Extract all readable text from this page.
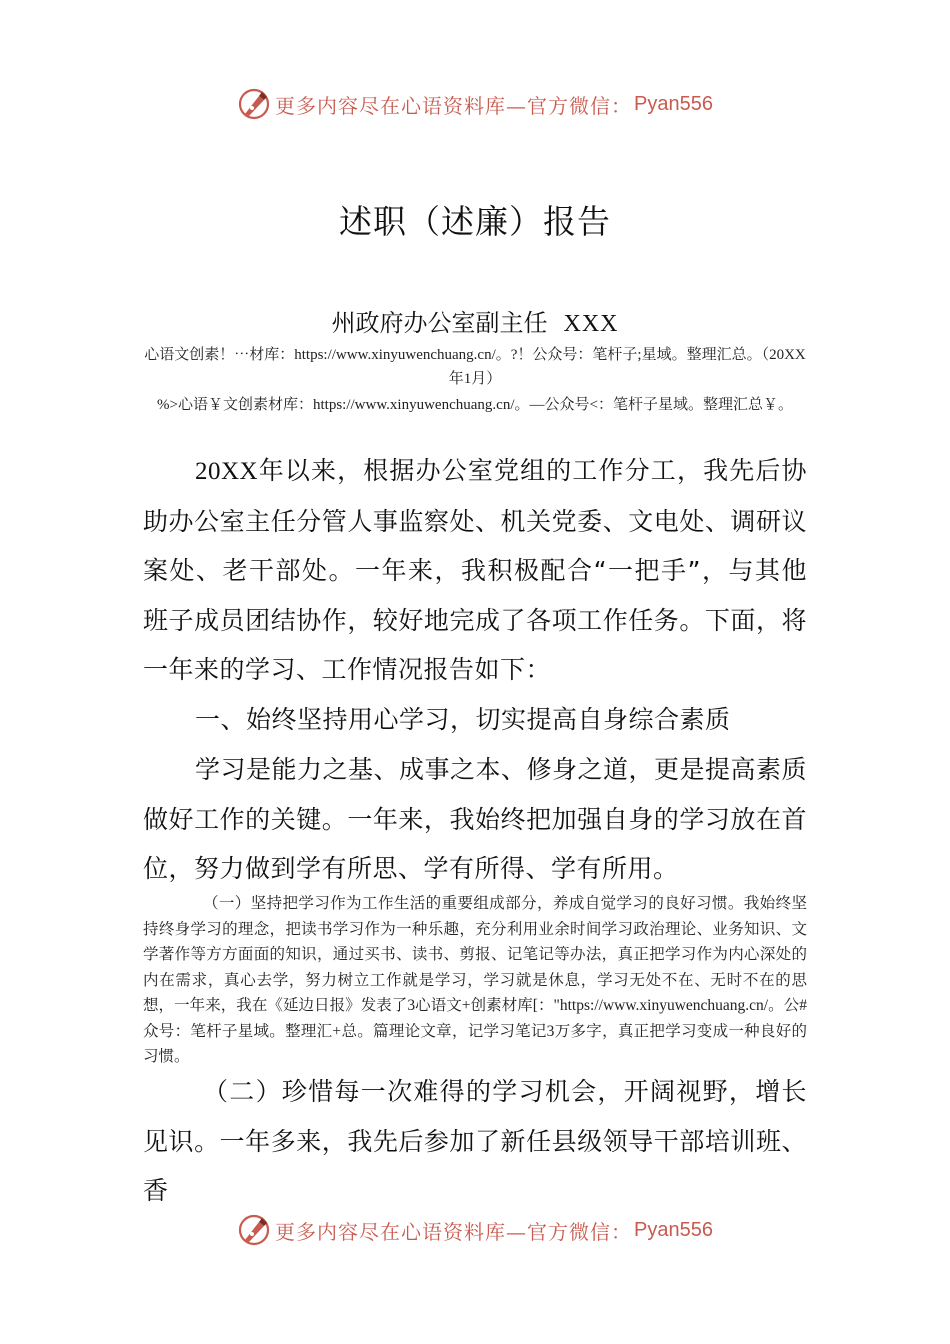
更多内容尽在心语资料库—官方微信： Pyan556
述职（述廉）报告
州政府办公室副主任 XXX
心语文创素！⋯材库：https://www.xinyuwenchuang.cn/。?！公众号：笔杆子;星域。整理汇总。（20XX年1月）
%>心语￥文创素材库：https://www.xinyuwenchuang.cn/。—公众号<：笔杆子星域。整理汇总￥。
20XX年以来，根据办公室党组的工作分工，我先后协助办公室主任分管人事监察处、机关党委、文电处、调研议案处、老干部处。一年来，我积极配合“一把手”，与其他班子成员团结协作，较好地完成了各项工作任务。下面，将一年来的学习、工作情况报告如下：
一、始终坚持用心学习，切实提高自身综合素质
学习是能力之基、成事之本、修身之道，更是提高素质做好工作的关键。一年来，我始终把加强自身的学习放在首位，努力做到学有所思、学有所得、学有所用。
（一）坚持把学习作为工作生活的重要组成部分，养成自觉学习的良好习惯。我始终坚持终身学习的理念，把读书学习作为一种乐趣，充分利用业余时间学习政治理论、业务知识、文学著作等方方面面的知识，通过买书、读书、剪报、记笔记等办法，真正把学习作为内心深处的内在需求，真心去学，努力树立工作就是学习，学习就是休息，学习无处不在、无时不在的思想，一年来，我在《延边日报》发表了3心语文+创素材库[："https://www.xinyuwenchuang.cn/。公#众号：笔杆子星域。整理汇+总。篇理论文章，记学习笔记3万多字，真正把学习变成一种良好的习惯。
（二）珍惜每一次难得的学习机会，开阔视野，增长见识。一年多来，我先后参加了新任县级领导干部培训班、香
更多内容尽在心语资料库—官方微信： Pyan556
